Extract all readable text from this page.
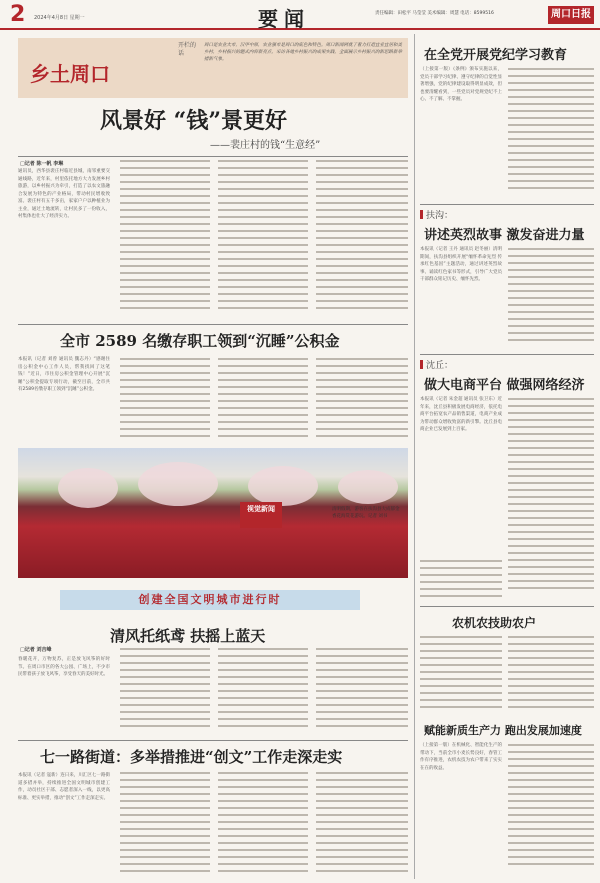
2 2024年4月8日 星期一	要闻	责任编辑：田松平 马莹莹 美术编辑：周慧 电话：8599516	周口日报
乡土周口
开栏的话
周口是农业大市，汉甲中原，农业强市是周口的底色和特色。周口新闻网就了着力打造宜业宜居和美乡村，乡村振兴的题式内容新亮点，采访各地乡村振兴的成果实践，全面展示乡村振兴的新思路新举措新气象。
风景好 “钱”景更好
——裴庄村的钱“生意经”
□记者 陈一帆 李琳
通讯员，西华县裴庄村临近县城，南邻重要交通线路，近年来，村里依托地方大力发展乡村旅游，以乡村振兴为牵引，打造了以农文旅融合发展为特色的产业格局，带动村民增收致富。裴庄村有五千多亩，家家户户以种植业为主业，通过土地流转，让村民多了一份收入，村集体也壮大了经济实力。
全市 2589 名缴存职工领到“沉睡”公积金
本报讯（记者 刘曾 通讯员 魏志丹）“感谢住房公积金中心工作人员，帮我找回了这笔钱！”近日，市住房公积金管理中心开展“沉睡”公积金提取专项行动，截至目前，全市共有2589名缴存职工领到“沉睡”公积金。
视觉新闻	清明假期，游客在扶沟县大成郁金香花海赏花游玩。记者 刘书
创建全国文明城市进行时
清风托纸鸢 扶摇上蓝天
□记者 刘吉峰
春暖花开，万物复苏，正是放飞风筝的好时节。在周口市区的各大公园、广场上，不少市民带着孩子放飞风筝，享受春天的美好时光。
七一路街道：多举措推进“创文”工作走深走实
本报讯（记者 寇新）连日来，川汇区七一路街道多措并举，持续推进全国文明城市创建工作，动员社区干部、志愿者深入一线，以更高标准、更实举措，推动“创文”工作走深走实。
在全党开展党纪学习教育
（上接第一版）《条例》颁布实施以来，党员干部学习纪律、遵守纪律的自觉性显著增强，党的纪律建设取得明显成效，但也要清醒看到，一些党员对党规党纪不上心、不了解、不掌握。
扶沟：
讲述英烈故事 激发奋进力量
本报讯（记者 王丹 通讯员 赵冬丽）清明期间，扶沟县组织开展“缅怀革命先烈 传承红色基因”主题活动，通过讲述英烈故事、诵读红色家书等形式，引导广大党员干部群众铭记历史、缅怀先烈。
沈丘：
做大电商平台 做强网络经济
本报讯（记者 朱金超 通讯员 张卫东）近年来，沈丘县积极发展电商经济，依托电商平台拓宽农产品销售渠道，电商产业成为带动群众增收致富的新引擎。沈丘县电商企业已发展到上百家。
农机农技助农户
赋能新质生产力 跑出发展加速度
（上接第一版）在机械化、智能化生产的带动下，当前全市小麦长势良好，春管工作有序推进，农机农技为农户带来了实实在在的收益。
